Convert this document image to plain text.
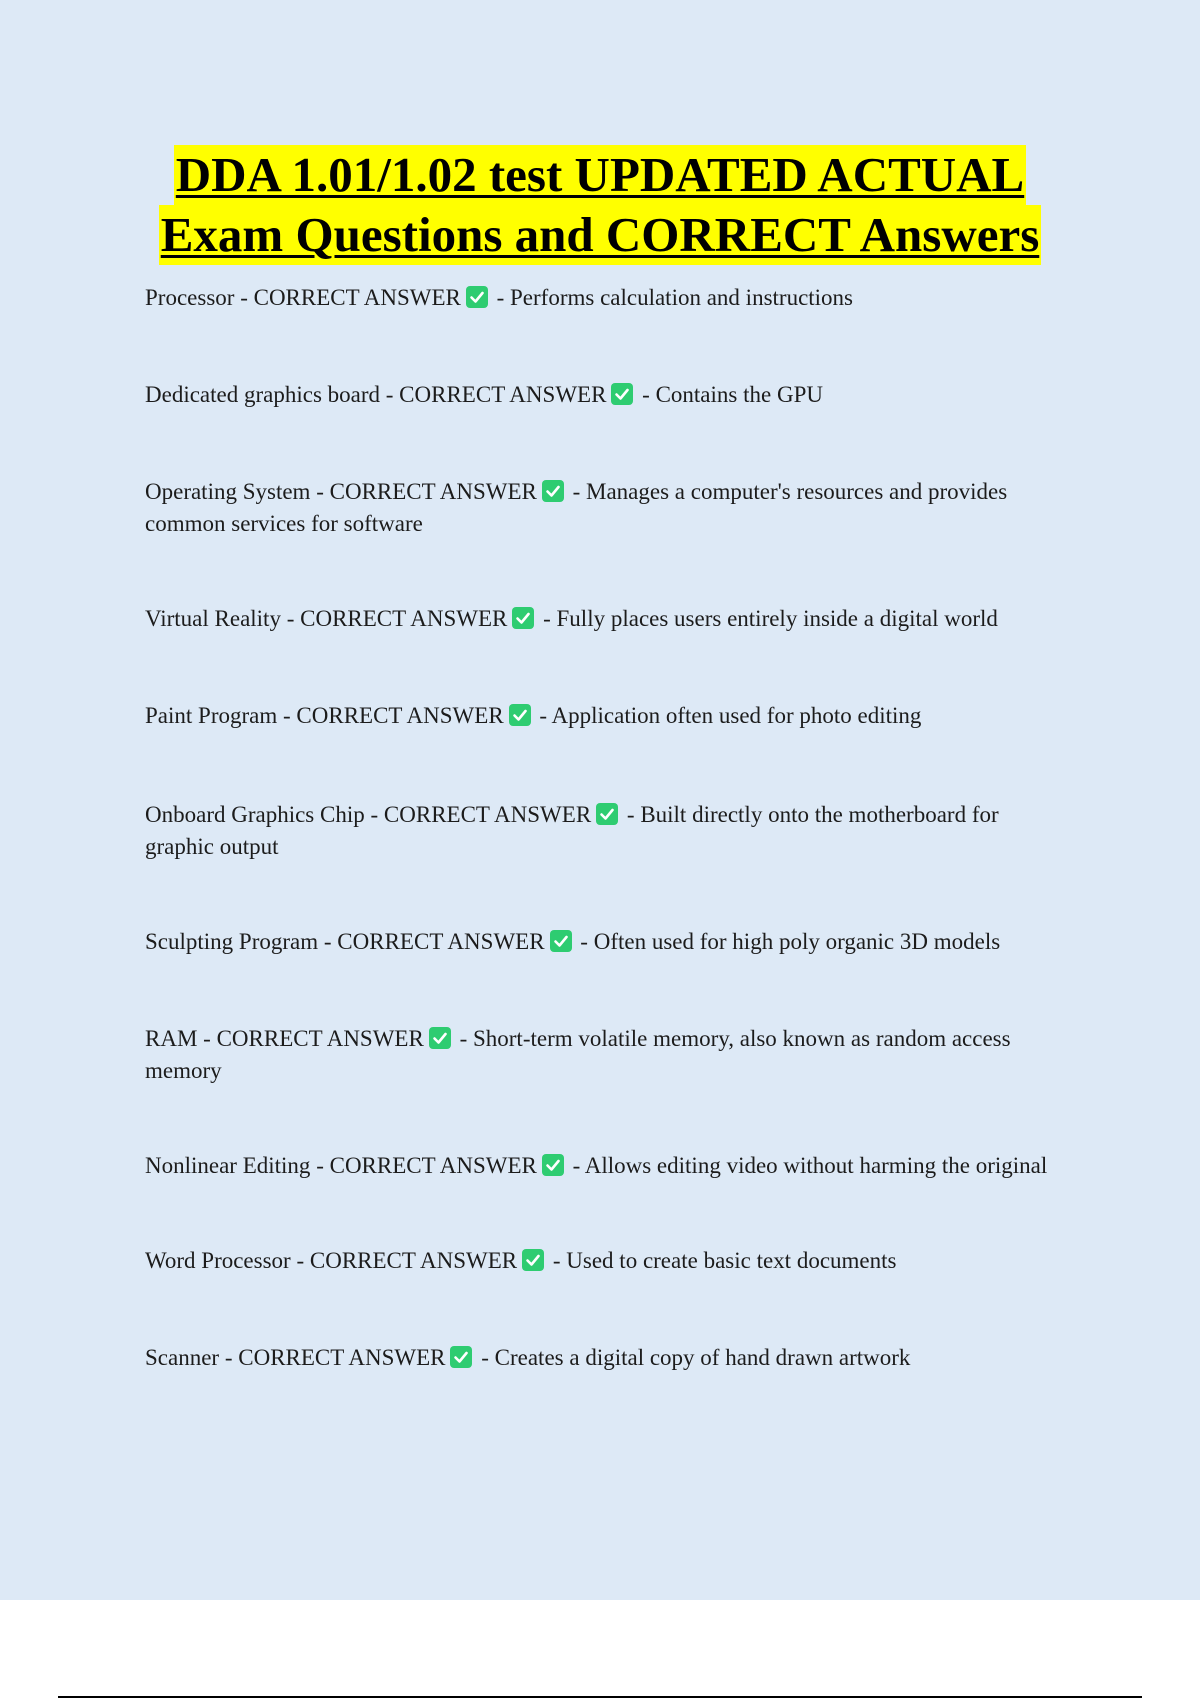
DDA 1.01/1.02 test UPDATED ACTUAL
Exam Questions and CORRECT Answers

Processor - CORRECT ANSWER
- Performs calculation and instructions

Dedicated graphics board - CORRECT ANSWER
- Contains the GPU

Operating System - CORRECT ANSWER
- Manages a computer's resources and provides common services for software

Virtual Reality - CORRECT ANSWER
- Fully places users entirely inside a digital world

Paint Program - CORRECT ANSWER
- Application often used for photo editing

Onboard Graphics Chip - CORRECT ANSWER
- Built directly onto the motherboard for graphic output

Sculpting Program - CORRECT ANSWER
- Often used for high poly organic 3D models

RAM - CORRECT ANSWER
- Short-term volatile memory, also known as random access memory

Nonlinear Editing - CORRECT ANSWER
- Allows editing video without harming the original

Word Processor - CORRECT ANSWER
- Used to create basic text documents

Scanner - CORRECT ANSWER
- Creates a digital copy of hand drawn artwork
